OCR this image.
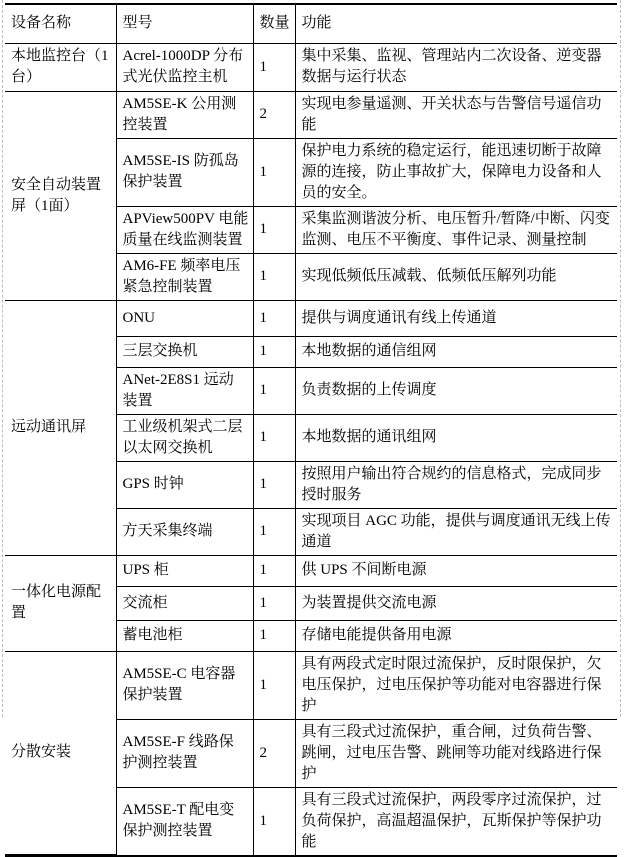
设备名称	型号	数量	功能
本地监控台（1台）	Acrel-1000DP 分布式光伏监控主机	1	集中采集、监视、管理站内二次设备、逆变器数据与运行状态
安全自动装置屏（1面）	AM5SE-K 公用测控装置	2	实现电参量遥测、开关状态与告警信号遥信功能
	AM5SE-IS 防孤岛保护装置	1	保护电力系统的稳定运行，能迅速切断于故障源的连接，防止事故扩大，保障电力设备和人员的安全。
	APView500PV 电能质量在线监测装置	1	采集监测谐波分析、电压暂升/暂降/中断、闪变监测、电压不平衡度、事件记录、测量控制
	AM6-FE 频率电压紧急控制装置	1	实现低频低压减载、低频低压解列功能
远动通讯屏	ONU	1	提供与调度通讯有线上传通道
	三层交换机	1	本地数据的通信组网
	ANet-2E8S1 远动装置	1	负责数据的上传调度
	工业级机架式二层以太网交换机	1	本地数据的通讯组网
	GPS 时钟	1	按照用户输出符合规约的信息格式，完成同步授时服务
	方天采集终端	1	实现项目 AGC 功能，提供与调度通讯无线上传通道
一体化电源配置	UPS 柜	1	供 UPS 不间断电源
	交流柜	1	为装置提供交流电源
	蓄电池柜	1	存储电能提供备用电源
分散安装	AM5SE-C 电容器保护装置	1	具有两段式定时限过流保护，反时限保护，欠电压保护，过电压保护等功能对电容器进行保护
	AM5SE-F 线路保护测控装置	2	具有三段式过流保护，重合闸，过负荷告警、跳闸，过电压告警、跳闸等功能对线路进行保护
	AM5SE-T 配电变保护测控装置	1	具有三段式过流保护，两段零序过流保护，过负荷保护，高温超温保护，瓦斯保护等保护功能
